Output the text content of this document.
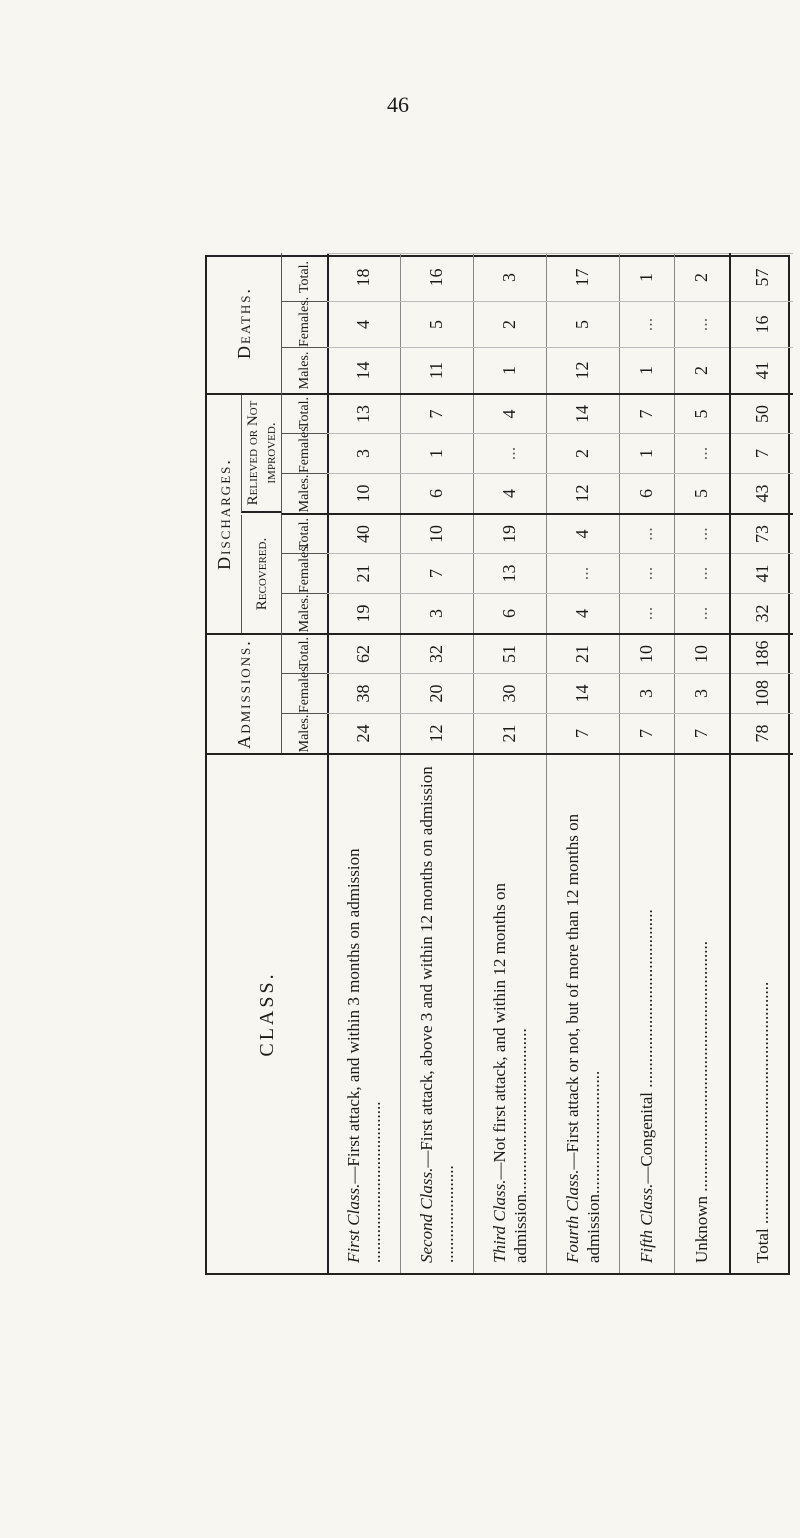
46
CLASS.
Admissions.	Males.
Females.
Total.
Discharges.
Recovered.
Relieved or Not improved.
Males.
Females.
Total.
Males.
Females.
Total.
Deaths.
Males.
Females.
Total.
First Class.—First attack, and within 3 months on admission ......................................
24
38
62
19
21
40
10
3
13
14
4
18
Second Class.—First attack, above 3 and within 12 months on admission .......................
12
20
32
3
7
10
6
1
7
11
5
16
Third Class.—Not first attack, and within 12 months on admission.......................................
21
30
51
6
13
19
4
...
4
1
2
3
Fourth Class.—First attack or not, but of more than 12 months on admission.............................
7
14
21
4
...
4
12
2
14
12
5
17
Fifth Class.—Congenital ..........................................
7
3
10
...
...
...
6
1
7
1
...
1
Unknown ...........................................................
7
3
10
...
...
...
5
...
5
2
...
2
Total .........................................................
78
108
186
32
41
73
43
7
50
41
16
57
